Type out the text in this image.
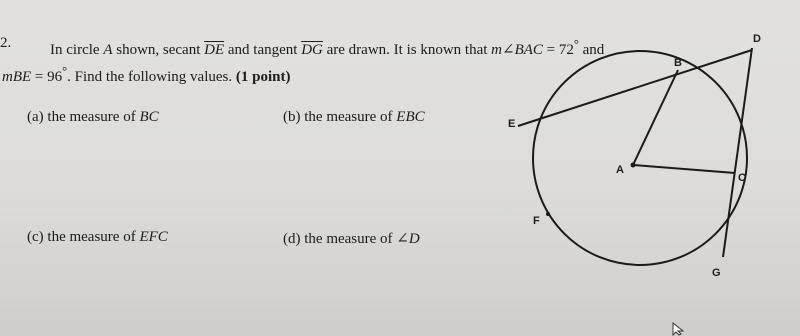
2.	In circle A shown, secant $\overline{DE}$ and tangent $\overline{DG}$ are drawn. It is known that m∠BAC = 72° and
mBE = 96°. Find the following values. (1 point)
(a) the measure of BC	(b) the measure of EBC
(c) the measure of EFC	(d) the measure of ∠D
D
B
E
A
C
F
G
